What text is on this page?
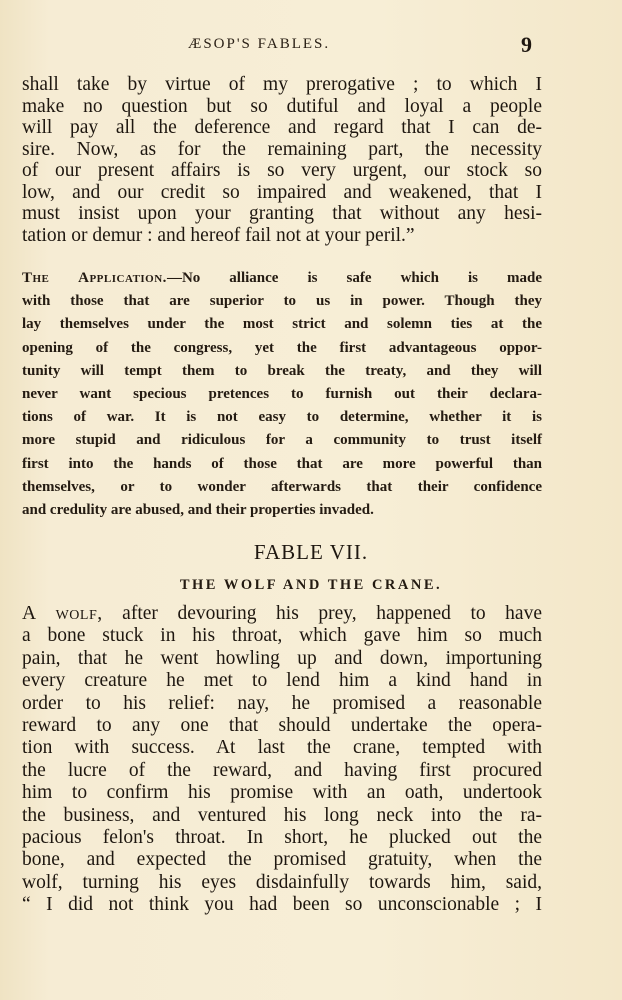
ÆSOP'S FABLES.	9
shall take by virtue of my prerogative ; to which I
make no question but so dutiful and loyal a people
will pay all the deference and regard that I can de-
sire. Now, as for the remaining part, the necessity
of our present affairs is so very urgent, our stock so
low, and our credit so impaired and weakened, that I
must insist upon your granting that without any hesi-
tation or demur : and hereof fail not at your peril.”
The Application.—No alliance is safe which is made
with those that are superior to us in power. Though they
lay themselves under the most strict and solemn ties at the
opening of the congress, yet the first advantageous oppor-
tunity will tempt them to break the treaty, and they will
never want specious pretences to furnish out their declara-
tions of war. It is not easy to determine, whether it is
more stupid and ridiculous for a community to trust itself
first into the hands of those that are more powerful than
themselves, or to wonder afterwards that their confidence
and credulity are abused, and their properties invaded.
FABLE VII.
THE WOLF AND THE CRANE.
A wolf, after devouring his prey, happened to have
a bone stuck in his throat, which gave him so much
pain, that he went howling up and down, importuning
every creature he met to lend him a kind hand in
order to his relief: nay, he promised a reasonable
reward to any one that should undertake the opera-
tion with success. At last the crane, tempted with
the lucre of the reward, and having first procured
him to confirm his promise with an oath, undertook
the business, and ventured his long neck into the ra-
pacious felon's throat. In short, he plucked out the
bone, and expected the promised gratuity, when the
wolf, turning his eyes disdainfully towards him, said,
“ I did not think you had been so unconscionable ; I
